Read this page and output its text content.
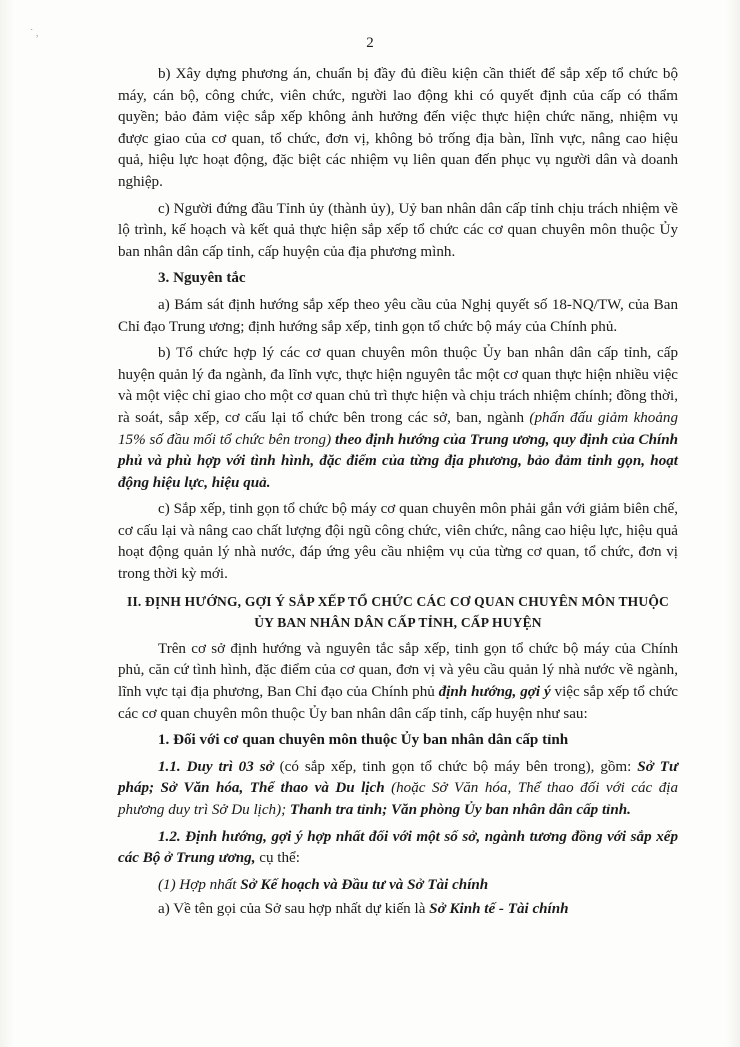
˙ ,
2

b) Xây dựng phương án, chuẩn bị đầy đủ điều kiện cần thiết để sắp xếp tổ chức bộ máy, cán bộ, công chức, viên chức, người lao động khi có quyết định của cấp có thẩm quyền; bảo đảm việc sắp xếp không ảnh hưởng đến việc thực hiện chức năng, nhiệm vụ được giao của cơ quan, tổ chức, đơn vị, không bỏ trống địa bàn, lĩnh vực, nâng cao hiệu quả, hiệu lực hoạt động, đặc biệt các nhiệm vụ liên quan đến phục vụ người dân và doanh nghiệp.

c) Người đứng đầu Tỉnh ủy (thành ủy), Uỷ ban nhân dân cấp tỉnh chịu trách nhiệm về lộ trình, kế hoạch và kết quả thực hiện sắp xếp tổ chức các cơ quan chuyên môn thuộc Ủy ban nhân dân cấp tỉnh, cấp huyện của địa phương mình.

3. Nguyên tắc

a) Bám sát định hướng sắp xếp theo yêu cầu của Nghị quyết số 18-NQ/TW, của Ban Chỉ đạo Trung ương; định hướng sắp xếp, tinh gọn tổ chức bộ máy của Chính phủ.

b) Tổ chức hợp lý các cơ quan chuyên môn thuộc Ủy ban nhân dân cấp tỉnh, cấp huyện quản lý đa ngành, đa lĩnh vực, thực hiện nguyên tắc một cơ quan thực hiện nhiều việc và một việc chỉ giao cho một cơ quan chủ trì thực hiện và chịu trách nhiệm chính; đồng thời, rà soát, sắp xếp, cơ cấu lại tổ chức bên trong các sở, ban, ngành (phấn đấu giảm khoảng 15% số đầu mối tổ chức bên trong) theo định hướng của Trung ương, quy định của Chính phủ và phù hợp với tình hình, đặc điểm của từng địa phương, bảo đảm tinh gọn, hoạt động hiệu lực, hiệu quả.

c) Sắp xếp, tinh gọn tổ chức bộ máy cơ quan chuyên môn phải gắn với giảm biên chế, cơ cấu lại và nâng cao chất lượng đội ngũ công chức, viên chức, nâng cao hiệu lực, hiệu quả hoạt động quản lý nhà nước, đáp ứng yêu cầu nhiệm vụ của từng cơ quan, tổ chức, đơn vị trong thời kỳ mới.

II. ĐỊNH HƯỚNG, GỢI Ý SẮP XẾP TỔ CHỨC CÁC CƠ QUAN CHUYÊN MÔN THUỘC ỦY BAN NHÂN DÂN CẤP TỈNH, CẤP HUYỆN

Trên cơ sở định hướng và nguyên tắc sắp xếp, tinh gọn tổ chức bộ máy của Chính phủ, căn cứ tình hình, đặc điểm của cơ quan, đơn vị và yêu cầu quản lý nhà nước về ngành, lĩnh vực tại địa phương, Ban Chỉ đạo của Chính phủ định hướng, gợi ý việc sắp xếp tổ chức các cơ quan chuyên môn thuộc Ủy ban nhân dân cấp tỉnh, cấp huyện như sau:

1. Đối với cơ quan chuyên môn thuộc Ủy ban nhân dân cấp tỉnh

1.1. Duy trì 03 sở (có sắp xếp, tinh gọn tổ chức bộ máy bên trong), gồm: Sở Tư pháp; Sở Văn hóa, Thể thao và Du lịch (hoặc Sở Văn hóa, Thể thao đối với các địa phương duy trì Sở Du lịch); Thanh tra tỉnh; Văn phòng Ủy ban nhân dân cấp tỉnh.

1.2. Định hướng, gợi ý hợp nhất đối với một số sở, ngành tương đồng với sắp xếp các Bộ ở Trung ương, cụ thể:

(1) Hợp nhất Sở Kế hoạch và Đầu tư và Sở Tài chính

a) Về tên gọi của Sở sau hợp nhất dự kiến là Sở Kinh tế - Tài chính
